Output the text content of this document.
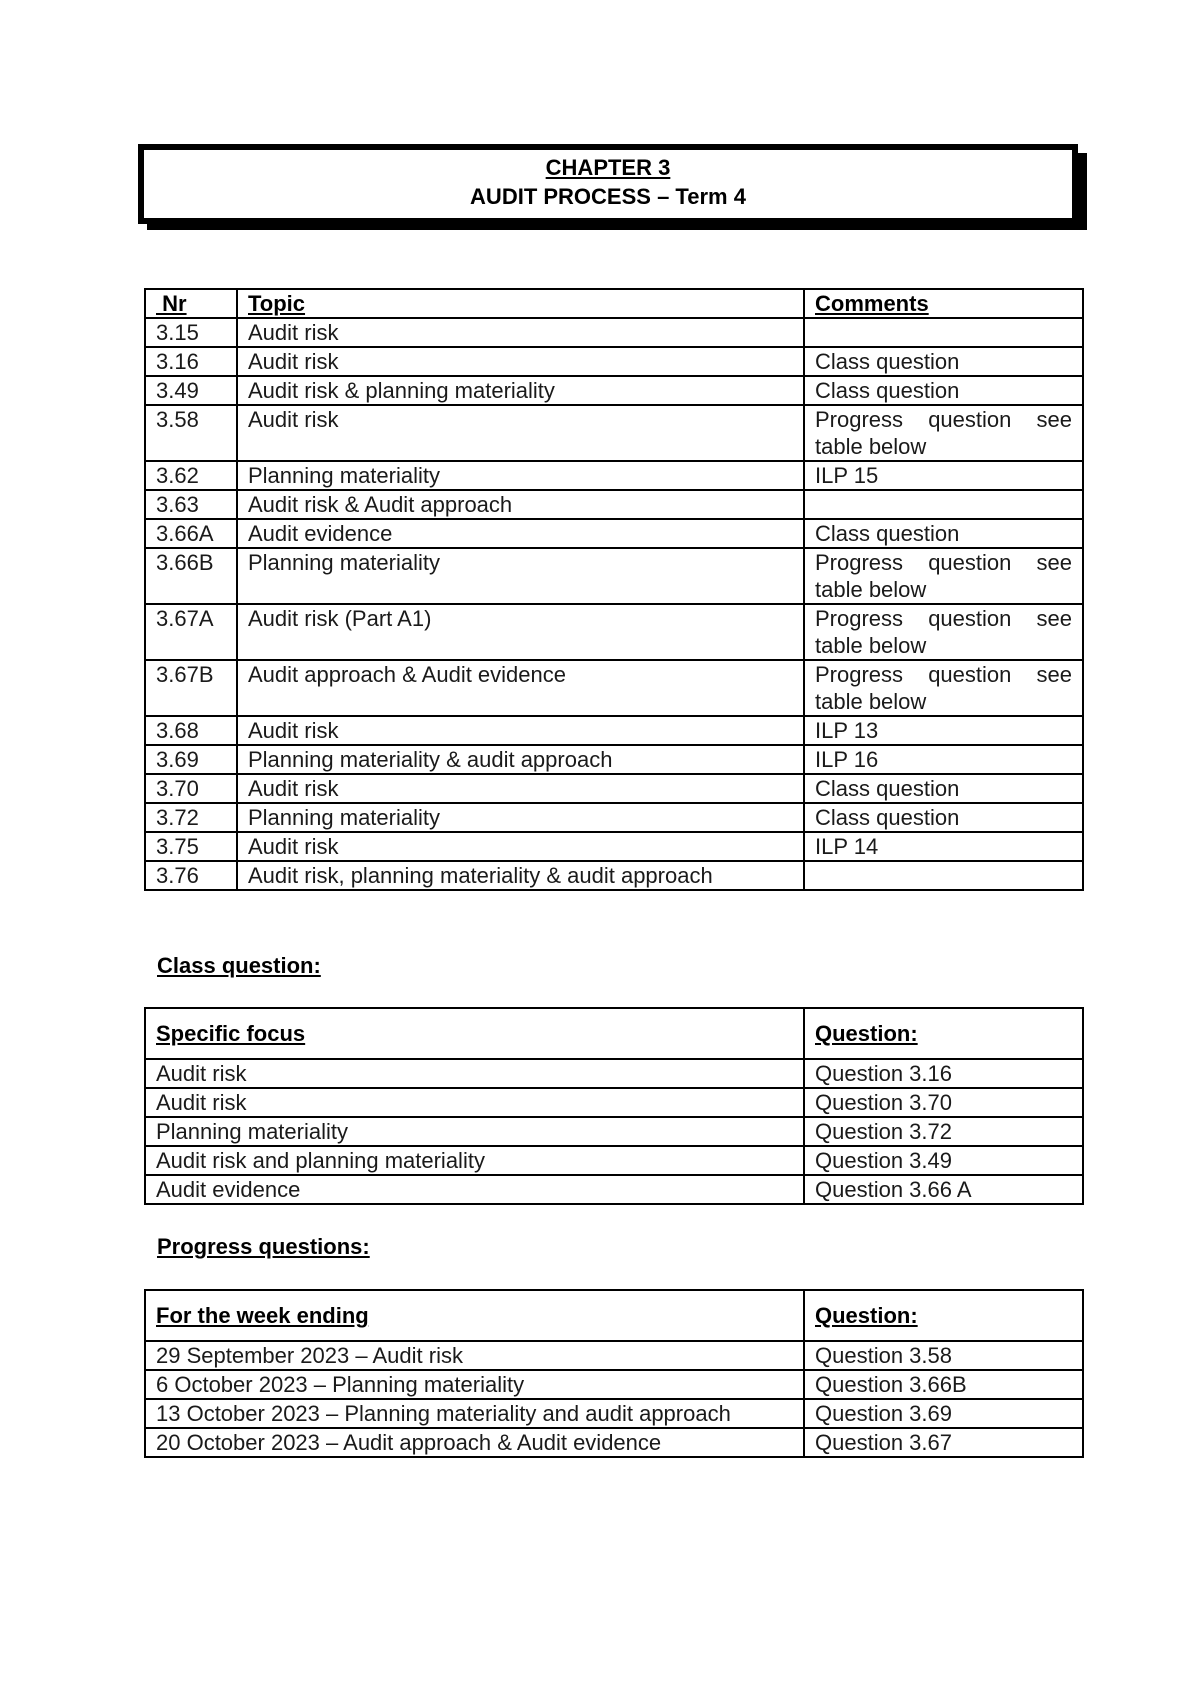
CHAPTER 3
AUDIT PROCESS – Term 4
Nr	Topic	Comments
3.15	Audit risk	
3.16	Audit risk	Class question
3.49	Audit risk & planning materiality	Class question
3.58	Audit risk	Progress question see table below
3.62	Planning materiality	ILP 15
3.63	Audit risk & Audit approach	
3.66A	Audit evidence	Class question
3.66B	Planning materiality	Progress question see table below
3.67A	Audit risk (Part A1)	Progress question see table below
3.67B	Audit approach & Audit evidence	Progress question see table below
3.68	Audit risk	ILP 13
3.69	Planning materiality & audit approach	ILP 16
3.70	Audit risk	Class question
3.72	Planning materiality	Class question
3.75	Audit risk	ILP 14
3.76	Audit risk, planning materiality & audit approach	
Class question:
Specific focus	Question:
Audit risk	Question 3.16
Audit risk	Question 3.70
Planning materiality	Question 3.72
Audit risk and planning materiality	Question 3.49
Audit evidence	Question 3.66 A
Progress questions:
For the week ending	Question:
29 September 2023 – Audit risk	Question 3.58
6 October 2023 – Planning materiality	Question 3.66B
13 October 2023 – Planning materiality and audit approach	Question 3.69
20 October 2023 – Audit approach & Audit evidence	Question 3.67
